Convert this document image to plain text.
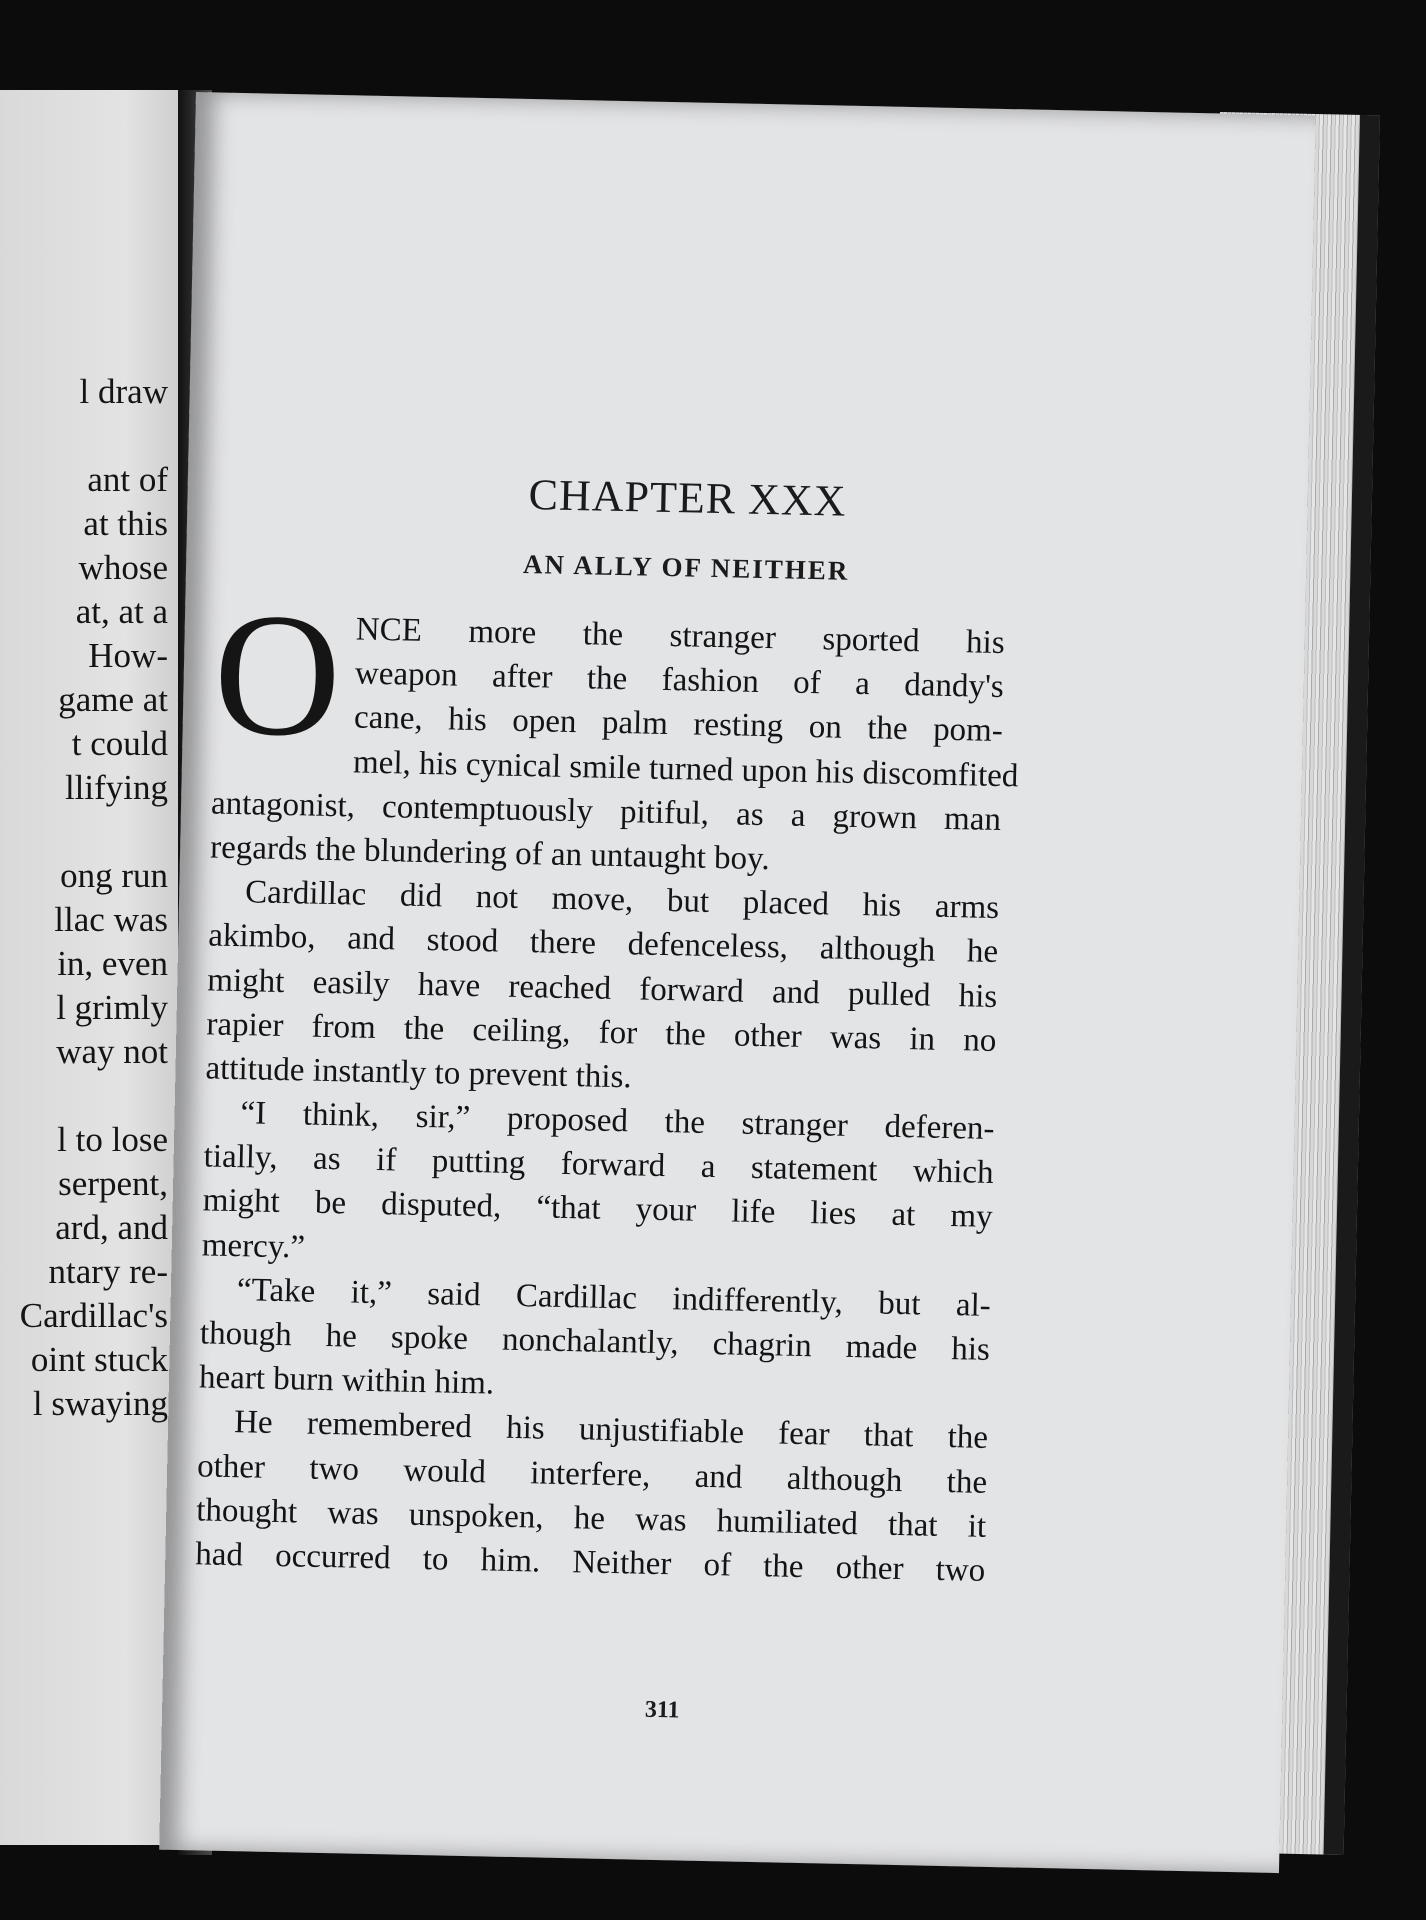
l draw
ant of
at this
whose
at, at a
How-
game at
t could
llifying
ong run
llac was
in, even
l grimly
way not
l to lose
serpent,
ard, and
ntary re-
Cardillac's
oint stuck
l swaying
CHAPTER XXX
AN ALLY OF NEITHER
O NCE more the stranger sported his
weapon after the fashion of a dandy's
cane, his open palm resting on the pom-
mel, his cynical smile turned upon his discomfited
antagonist, contemptuously pitiful, as a grown man
regards the blundering of an untaught boy.
Cardillac did not move, but placed his arms
akimbo, and stood there defenceless, although he
might easily have reached forward and pulled his
rapier from the ceiling, for the other was in no
attitude instantly to prevent this.
“I think, sir,” proposed the stranger deferen-
tially, as if putting forward a statement which
might be disputed, “that your life lies at my
mercy.”
“Take it,” said Cardillac indifferently, but al-
though he spoke nonchalantly, chagrin made his
heart burn within him.
He remembered his unjustifiable fear that the
other two would interfere, and although the
thought was unspoken, he was humiliated that it
had occurred to him. Neither of the other two
311
